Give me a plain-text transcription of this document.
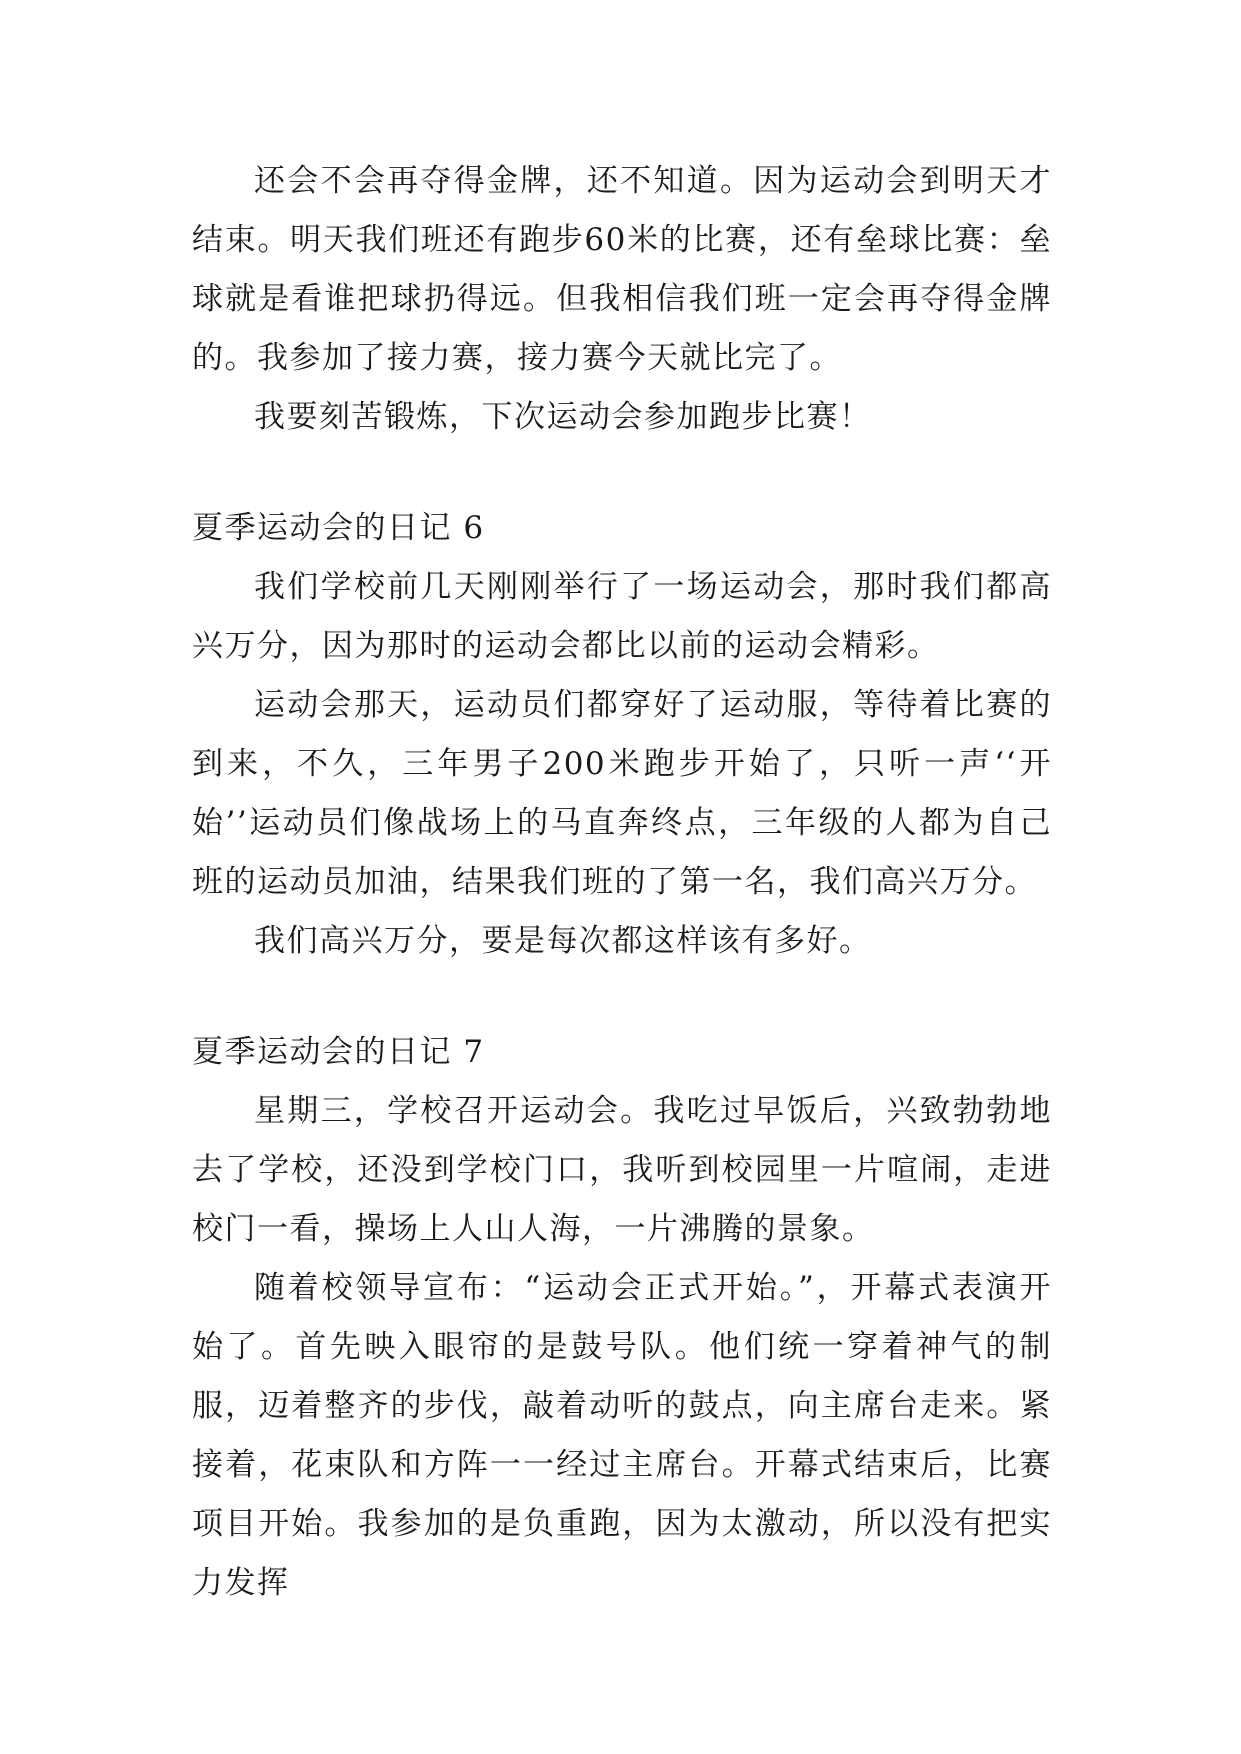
还会不会再夺得金牌，还不知道。因为运动会到明天才结束。明天我们班还有跑步60米的比赛，还有垒球比赛：垒球就是看谁把球扔得远。但我相信我们班一定会再夺得金牌的。我参加了接力赛，接力赛今天就比完了。

我要刻苦锻炼，下次运动会参加跑步比赛！

夏季运动会的日记 6

我们学校前几天刚刚举行了一场运动会，那时我们都高兴万分，因为那时的运动会都比以前的运动会精彩。

运动会那天，运动员们都穿好了运动服，等待着比赛的到来，不久，三年男子200米跑步开始了，只听一声‘‘开始’’运动员们像战场上的马直奔终点，三年级的人都为自己班的运动员加油，结果我们班的了第一名，我们高兴万分。

我们高兴万分，要是每次都这样该有多好。

夏季运动会的日记 7

星期三，学校召开运动会。我吃过早饭后，兴致勃勃地去了学校，还没到学校门口，我听到校园里一片喧闹，走进校门一看，操场上人山人海，一片沸腾的景象。

随着校领导宣布：“运动会正式开始。”，开幕式表演开始了。首先映入眼帘的是鼓号队。他们统一穿着神气的制服，迈着整齐的步伐，敲着动听的鼓点，向主席台走来。紧接着，花束队和方阵一一经过主席台。开幕式结束后，比赛项目开始。我参加的是负重跑，因为太激动，所以没有把实力发挥
